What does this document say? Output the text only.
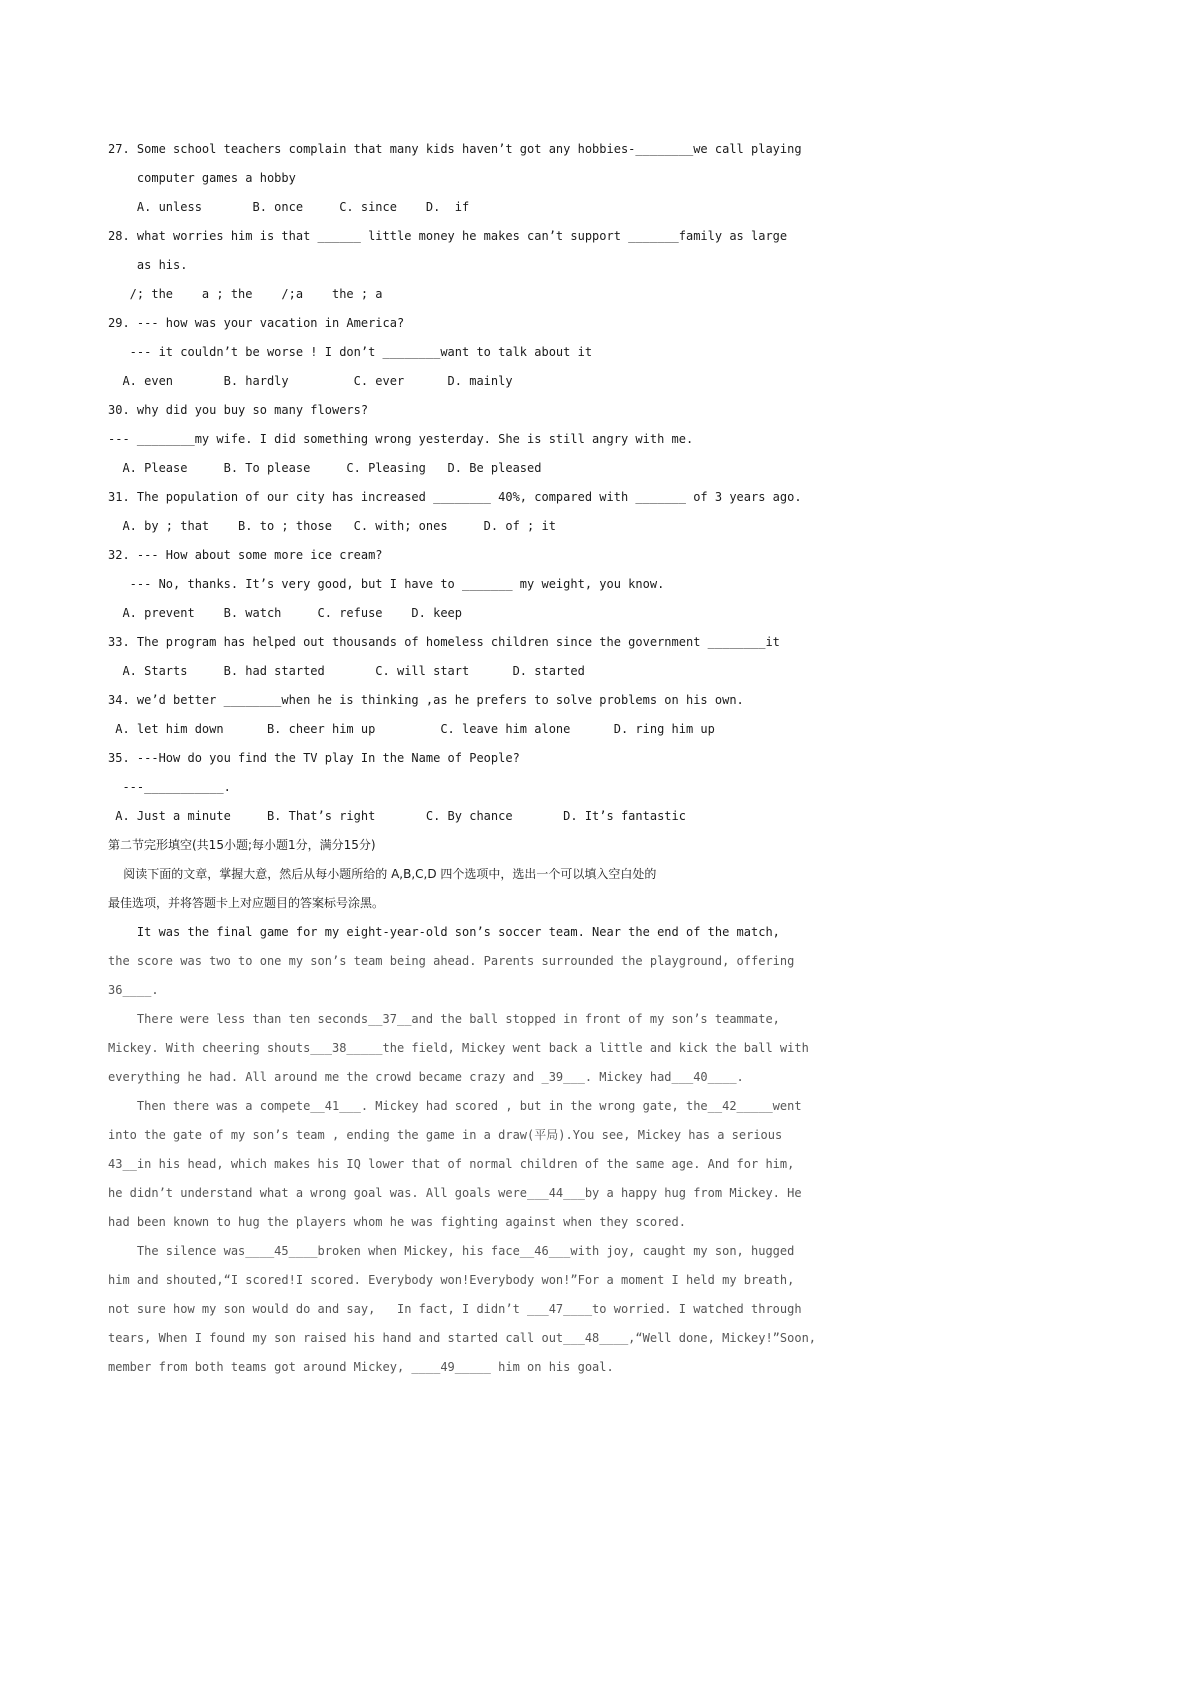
27. Some school teachers complain that many kids haven’t got any hobbies-________we call playing
computer games a hobby
A. unless       B. once     C. since    D.  if
28. what worries him is that ______ little money he makes can’t support _______family as large
as his.
/; the    a ; the    /;a    the ; a
29. --- how was your vacation in America?
--- it couldn’t be worse ! I don’t ________want to talk about it
A. even       B. hardly         C. ever      D. mainly
30. why did you buy so many flowers?
--- ________my wife. I did something wrong yesterday. She is still angry with me.
A. Please     B. To please     C. Pleasing   D. Be pleased
31. The population of our city has increased ________ 40%, compared with _______ of 3 years ago.
A. by ; that    B. to ; those   C. with; ones     D. of ; it
32. --- How about some more ice cream?
--- No, thanks. It’s very good, but I have to _______ my weight, you know.
A. prevent    B. watch     C. refuse    D. keep
33. The program has helped out thousands of homeless children since the government ________it
A. Starts     B. had started       C. will start      D. started
34. we’d better ________when he is thinking ,as he prefers to solve problems on his own.
A. let him down      B. cheer him up         C. leave him alone      D. ring him up
35. ---How do you find the TV play In the Name of People?
---___________.
A. Just a minute     B. That’s right       C. By chance       D. It’s fantastic
第二节完形填空(共15小题;每小题1分，满分15分)
阅读下面的文章，掌握大意，然后从每小题所给的 A,B,C,D 四个选项中，选出一个可以填入空白处的
最佳选项，并将答题卡上对应题目的答案标号涂黑。
It was the final game for my eight-year-old son’s soccer team. Near the end of the match,
the score was two to one my son’s team being ahead. Parents surrounded the playground, offering
36____.
There were less than ten seconds__37__and the ball stopped in front of my son’s teammate,
Mickey. With cheering shouts___38_____the field, Mickey went back a little and kick the ball with
everything he had. All around me the crowd became crazy and _39___. Mickey had___40____.
Then there was a compete__41___. Mickey had scored , but in the wrong gate, the__42_____went
into the gate of my son’s team , ending the game in a draw(平局).You see, Mickey has a serious
43__in his head, which makes his IQ lower that of normal children of the same age. And for him,
he didn’t understand what a wrong goal was. All goals were___44___by a happy hug from Mickey. He
had been known to hug the players whom he was fighting against when they scored.
The silence was____45____broken when Mickey, his face__46___with joy, caught my son, hugged
him and shouted,“I scored!I scored. Everybody won!Everybody won!”For a moment I held my breath,
not sure how my son would do and say,   In fact, I didn’t ___47____to worried. I watched through
tears, When I found my son raised his hand and started call out___48____,“Well done, Mickey!”Soon,
member from both teams got around Mickey, ____49_____ him on his goal.
